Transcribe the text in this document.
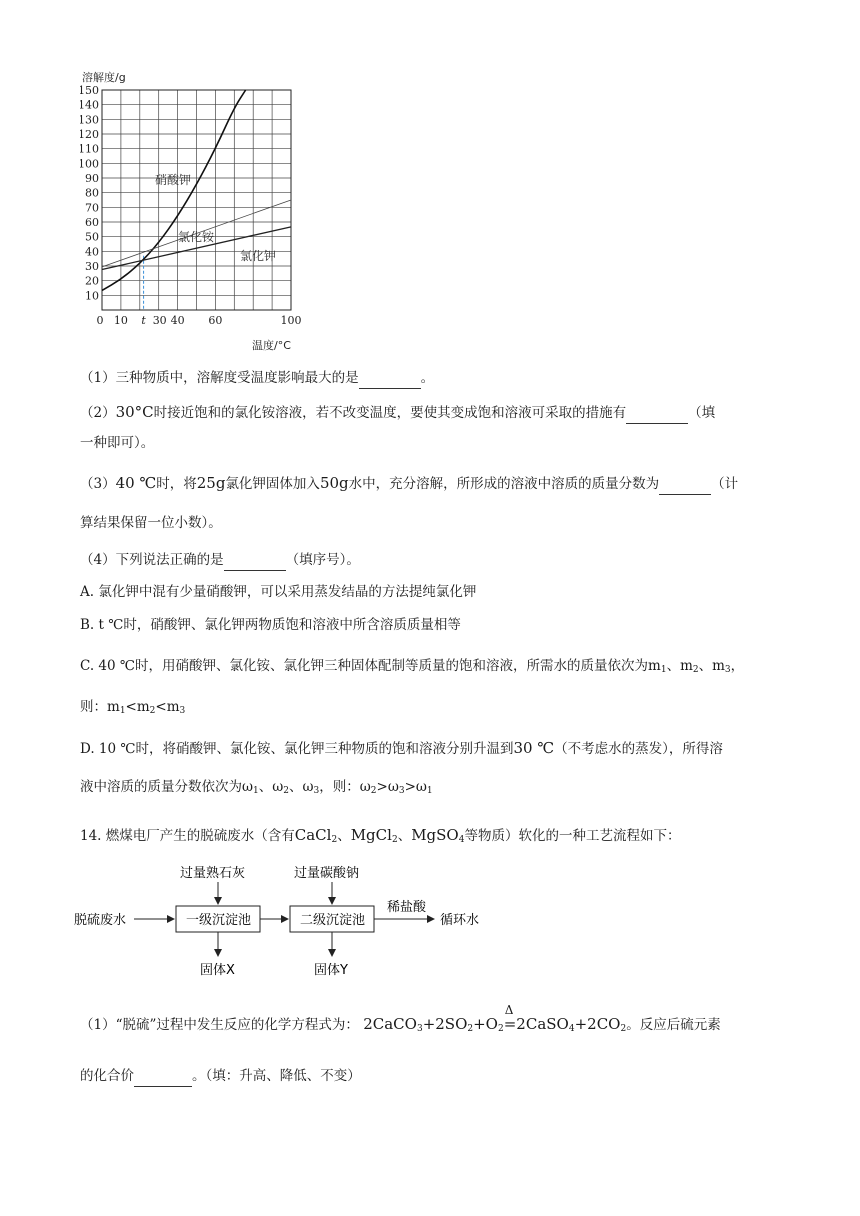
10
20
30
40
50
60
70
80
90
100
110
120
130
140
150
0 10 t 30 40 60	100
溶解度/g
温度/°C
硝酸钾
氯化铵
氯化钾
（1）三种物质中，溶解度受温度影响最大的是	。
（2）30°C时接近饱和的氯化铵溶液，若不改变温度，要使其变成饱和溶液可采取的措施有	（填
一种即可）。
（3）40 ℃时，将25g氯化钾固体加入50g水中，充分溶解，所形成的溶液中溶质的质量分数为	（计
算结果保留一位小数）。
（4）下列说法正确的是	（填序号）。
A. 氯化钾中混有少量硝酸钾，可以采用蒸发结晶的方法提纯氯化钾
B. t ℃时，硝酸钾、氯化钾两物质饱和溶液中所含溶质质量相等
C. 40 ℃时，用硝酸钾、氯化铵、氯化钾三种固体配制等质量的饱和溶液，所需水的质量依次为$m_1$、$m_2$、$m_3$，
则：$m_1<m_2<m_3$
D. 10 ℃时，将硝酸钾、氯化铵、氯化钾三种物质的饱和溶液分别升温到30 ℃（不考虑水的蒸发），所得溶
液中溶质的质量分数依次为$\omega_1$、$\omega_2$、$\omega_3$，则：$\omega_2>\omega_3>\omega_1$
14. 燃煤电厂产生的脱硫废水（含有CaCl$_2$、MgCl$_2$、MgSO$_4$等物质）软化的一种工艺流程如下：
脱硫废水	一级沉淀池	二级沉淀池
稀盐酸
循环水
过量熟石灰	过量碳酸钠
固体X	固体Y
（1）“脱硫”过程中发生反应的化学方程式为： $2CaCO_3+2SO_2+O_2$
Δ
$=2CaSO_4+2CO_2$。反应后硫元素
的化合价	。（填：升高、降低、不变）
